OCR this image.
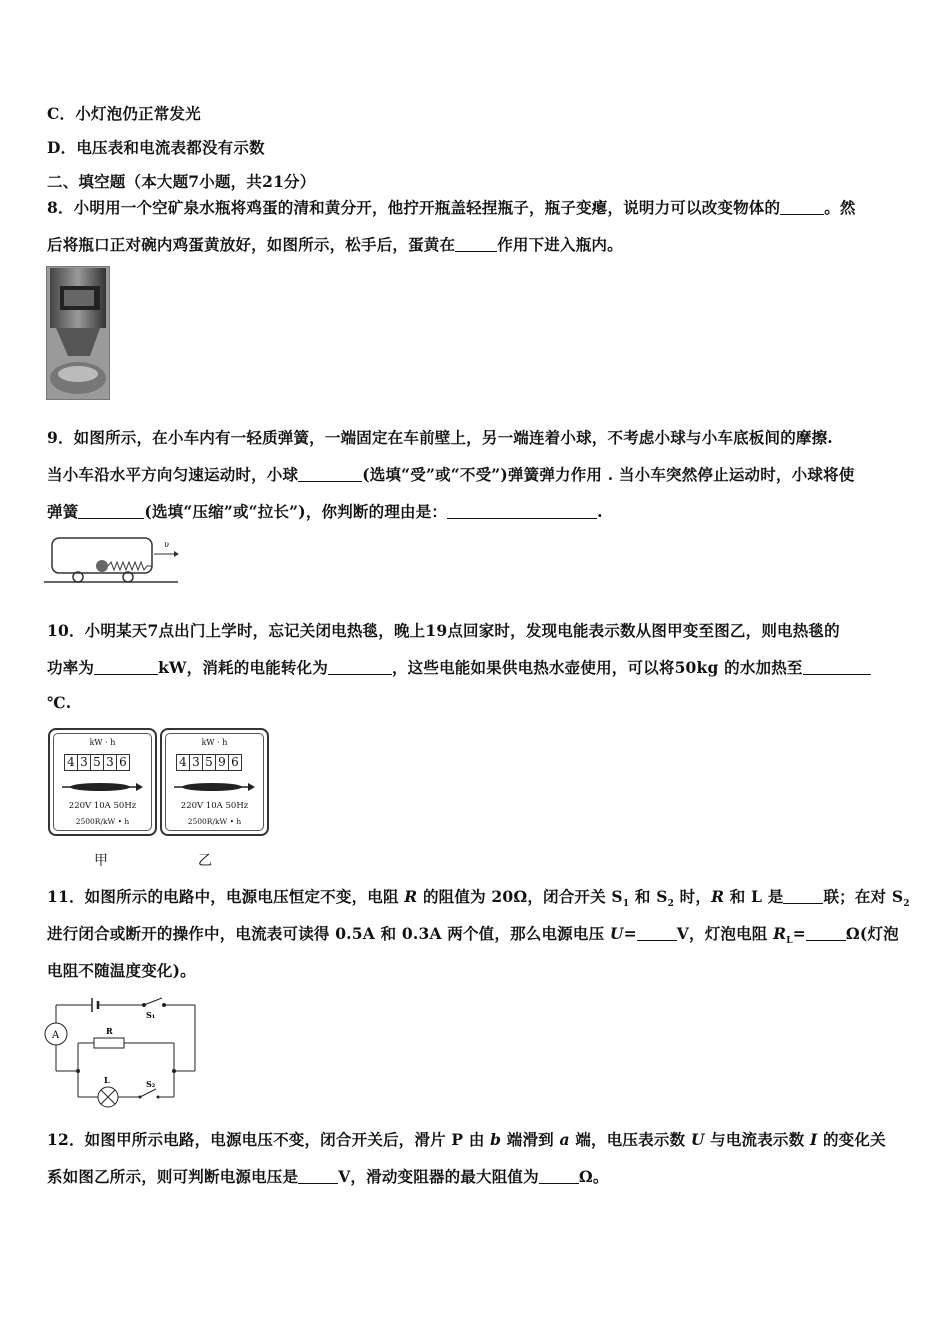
C．小灯泡仍正常发光
D．电压表和电流表都没有示数
二、填空题（本大题7小题，共21分）
8．小明用一个空矿泉水瓶将鸡蛋的清和黄分开，他拧开瓶盖轻捏瓶子，瓶子变瘪，说明力可以改变物体的	。然
后将瓶口正对碗内鸡蛋黄放好，如图所示，松手后，蛋黄在	作用下进入瓶内。
9．如图所示，在小车内有一轻质弹簧，一端固定在车前壁上，另一端连着小球，不考虑小球与小车底板间的摩擦.
当小车沿水平方向匀速运动时，小球	(选填“受”或“不受”)弹簧弹力作用 . 当小车突然停止运动时，小球将使
弹簧	(选填“压缩”或“拉长”)，你判断的理由是：	.
υ
10．小明某天7点出门上学时，忘记关闭电热毯，晚上19点回家时，发现电能表示数从图甲变至图乙，则电热毯的
功率为	kW，消耗的电能转化为	，这些电能如果供电热水壶使用，可以将50kg 的水加热至
℃.
kW · h
4 3 5 3 6
220V 10A 50Hz
2500R/kW • h
kW · h
4 3 5 9 6
220V 10A 50Hz
2500R/kW • h
甲	乙
11．如图所示的电路中，电源电压恒定不变，电阻 R 的阻值为 20Ω，闭合开关 $S_1$ 和 $S_2$ 时，R 和 L 是	联；在对 $S_2$
进行闭合或断开的操作中，电流表可读得 0.5A 和 0.3A 两个值，那么电源电压 U=	V，灯泡电阻 $R_L=$	Ω(灯泡
电阻不随温度变化)。
A	R
S₁
L	S₂
12．如图甲所示电路，电源电压不变，闭合开关后，滑片 P 由 b 端滑到 a 端，电压表示数 U 与电流表示数 I 的变化关
系如图乙所示，则可判断电源电压是	V，滑动变阻器的最大阻值为	Ω。
